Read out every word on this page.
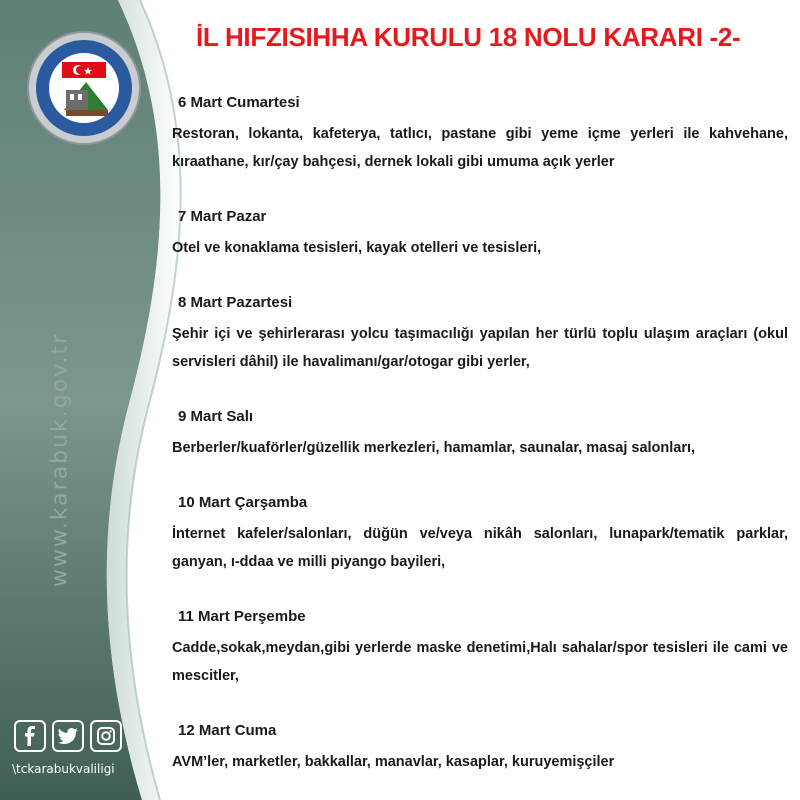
www.karabuk.gov.tr
\tckarabukvaliligi
İL HIFZISIHHA KURULU 18 NOLU KARARI -2-

6 Mart Cumartesi

Restoran, lokanta, kafeterya, tatlıcı, pastane gibi yeme içme yerleri ile kahvehane, kıraathane, kır/çay bahçesi, dernek lokali gibi umuma açık yerler

7 Mart Pazar

Otel ve konaklama tesisleri, kayak otelleri ve tesisleri,

8 Mart Pazartesi

Şehir içi ve şehirlerarası yolcu taşımacılığı yapılan her türlü toplu ulaşım araçları (okul servisleri dâhil) ile havalimanı/gar/otogar gibi yerler,

9 Mart Salı

Berberler/kuaförler/güzellik merkezleri, hamamlar, saunalar, masaj salonları,

10 Mart Çarşamba

İnternet kafeler/salonları, düğün ve/veya nikâh salonları, lunapark/tematik parklar, ganyan, ı-ddaa ve milli piyango bayileri,

11 Mart Perşembe

Cadde,sokak,meydan,gibi yerlerde maske denetimi,Halı sahalar/spor tesisleri ile cami ve mescitler,

12 Mart Cuma

AVM’ler, marketler, bakkallar, manavlar, kasaplar, kuruyemişçiler
